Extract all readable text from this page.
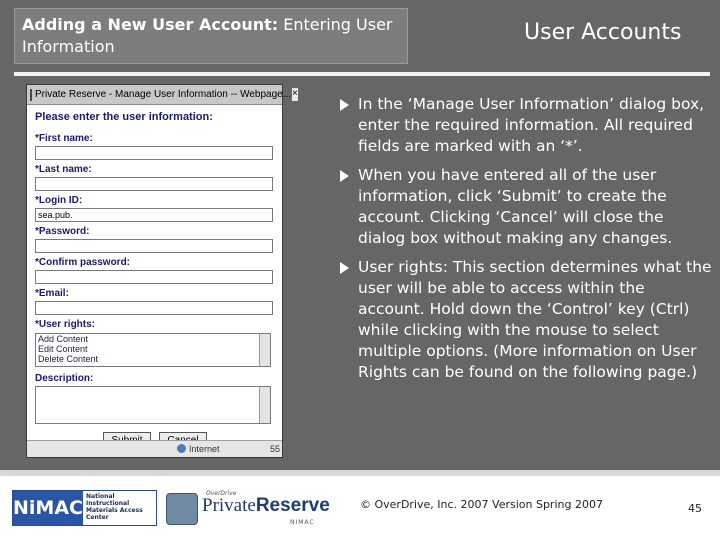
Adding a New User Account: Entering User Information
User Accounts
Private Reserve - Manage User Information -- Webpage... ×
Please enter the user information:
*First name:
*Last name:
*Login ID:
sea.pub.
*Password:
*Confirm password:
*Email:
*User rights:
Add Content
Edit Content
Delete Content
Description:
Internet	55
In the ‘Manage User Information’ dialog box, enter the required information. All required fields are marked with an ‘*’.
When you have entered all of the user information, click ‘Submit’ to create the account. Clicking ‘Cancel’ will close the dialog box without making any changes.
User rights: This section determines what the user will be able to access within the account. Hold down the ‘Control’ key (Ctrl) while clicking with the mouse to select multiple options. (More information on User Rights can be found on the following page.)
NiMAC
National Instructional Materials Access Center
OverDrive
PrivateReserve
NIMAC
© OverDrive, Inc. 2007 Version Spring 2007	45
